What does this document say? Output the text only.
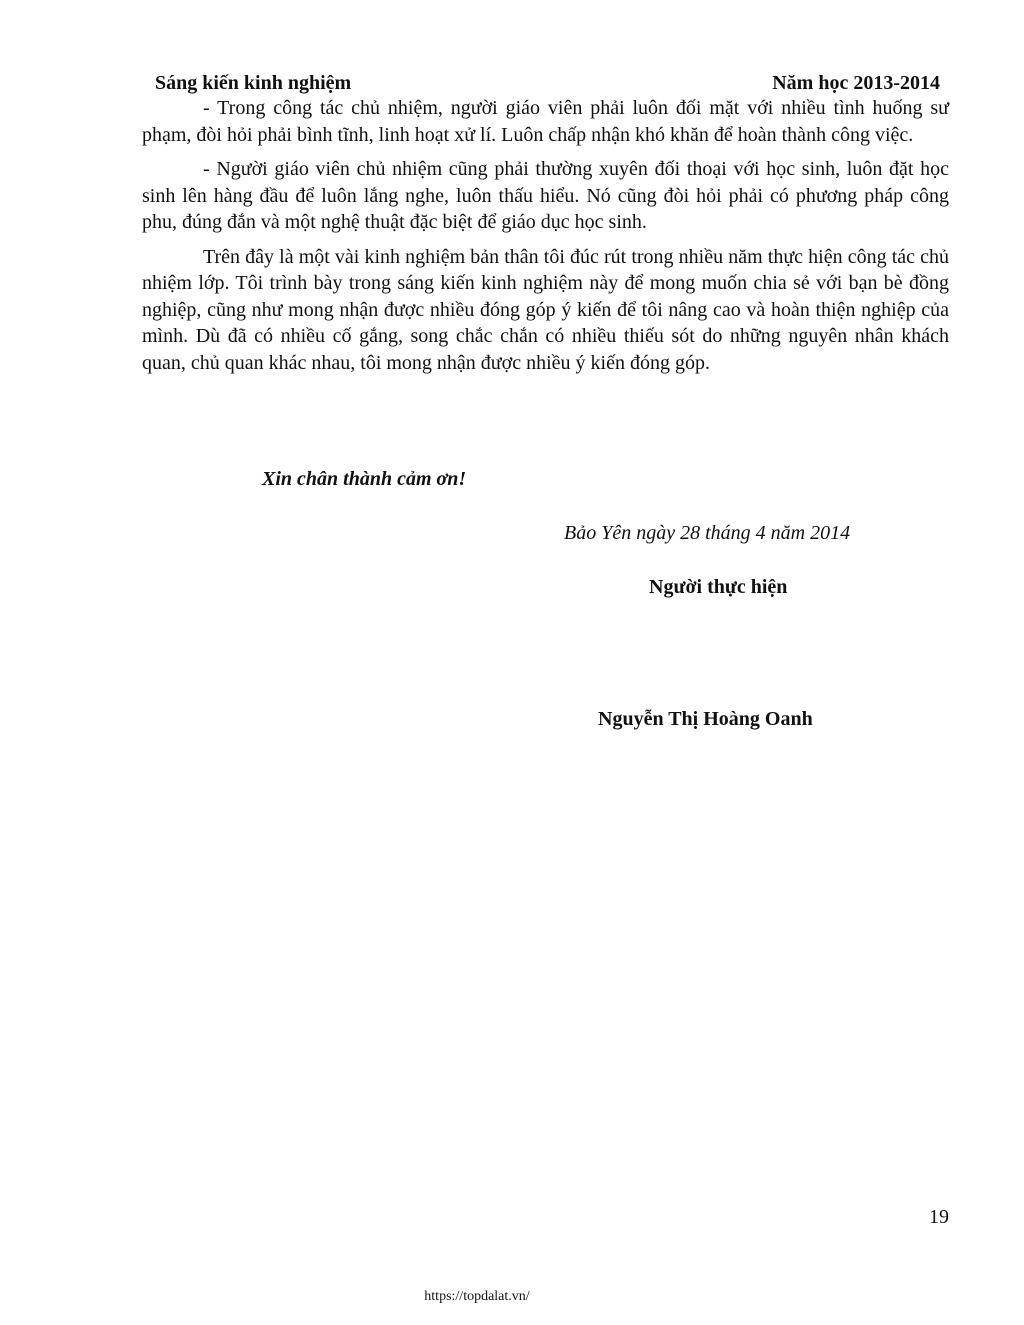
Sáng kiến kinh nghiệm	Năm học 2013-2014

- Trong công tác chủ nhiệm, người giáo viên phải luôn đối mặt với nhiều tình huống sư phạm, đòi hỏi phải bình tĩnh, linh hoạt xử lí. Luôn chấp nhận khó khăn để hoàn thành công việc.

- Người giáo viên chủ nhiệm cũng phải thường xuyên đối thoại với học sinh, luôn đặt học sinh lên hàng đầu để luôn lắng nghe, luôn thấu hiểu. Nó cũng đòi hỏi phải có phương pháp công phu, đúng đắn và một nghệ thuật đặc biệt để giáo dục học sinh.

Trên đây là một vài kinh nghiệm bản thân tôi đúc rút trong nhiều năm thực hiện công tác chủ nhiệm lớp. Tôi trình bày trong sáng kiến kinh nghiệm này để mong muốn chia sẻ với bạn bè đồng nghiệp, cũng như mong nhận được nhiều đóng góp ý kiến để tôi nâng cao và hoàn thiện nghiệp của mình. Dù đã có nhiều cố gắng, song chắc chắn có nhiều thiếu sót do những nguyên nhân khách quan, chủ quan khác nhau, tôi mong nhận được nhiều ý kiến đóng góp.

Xin chân thành cảm ơn!
Bảo Yên ngày 28 tháng 4 năm 2014
Người thực hiện
Nguyễn Thị Hoàng Oanh
19
https://topdalat.vn/
